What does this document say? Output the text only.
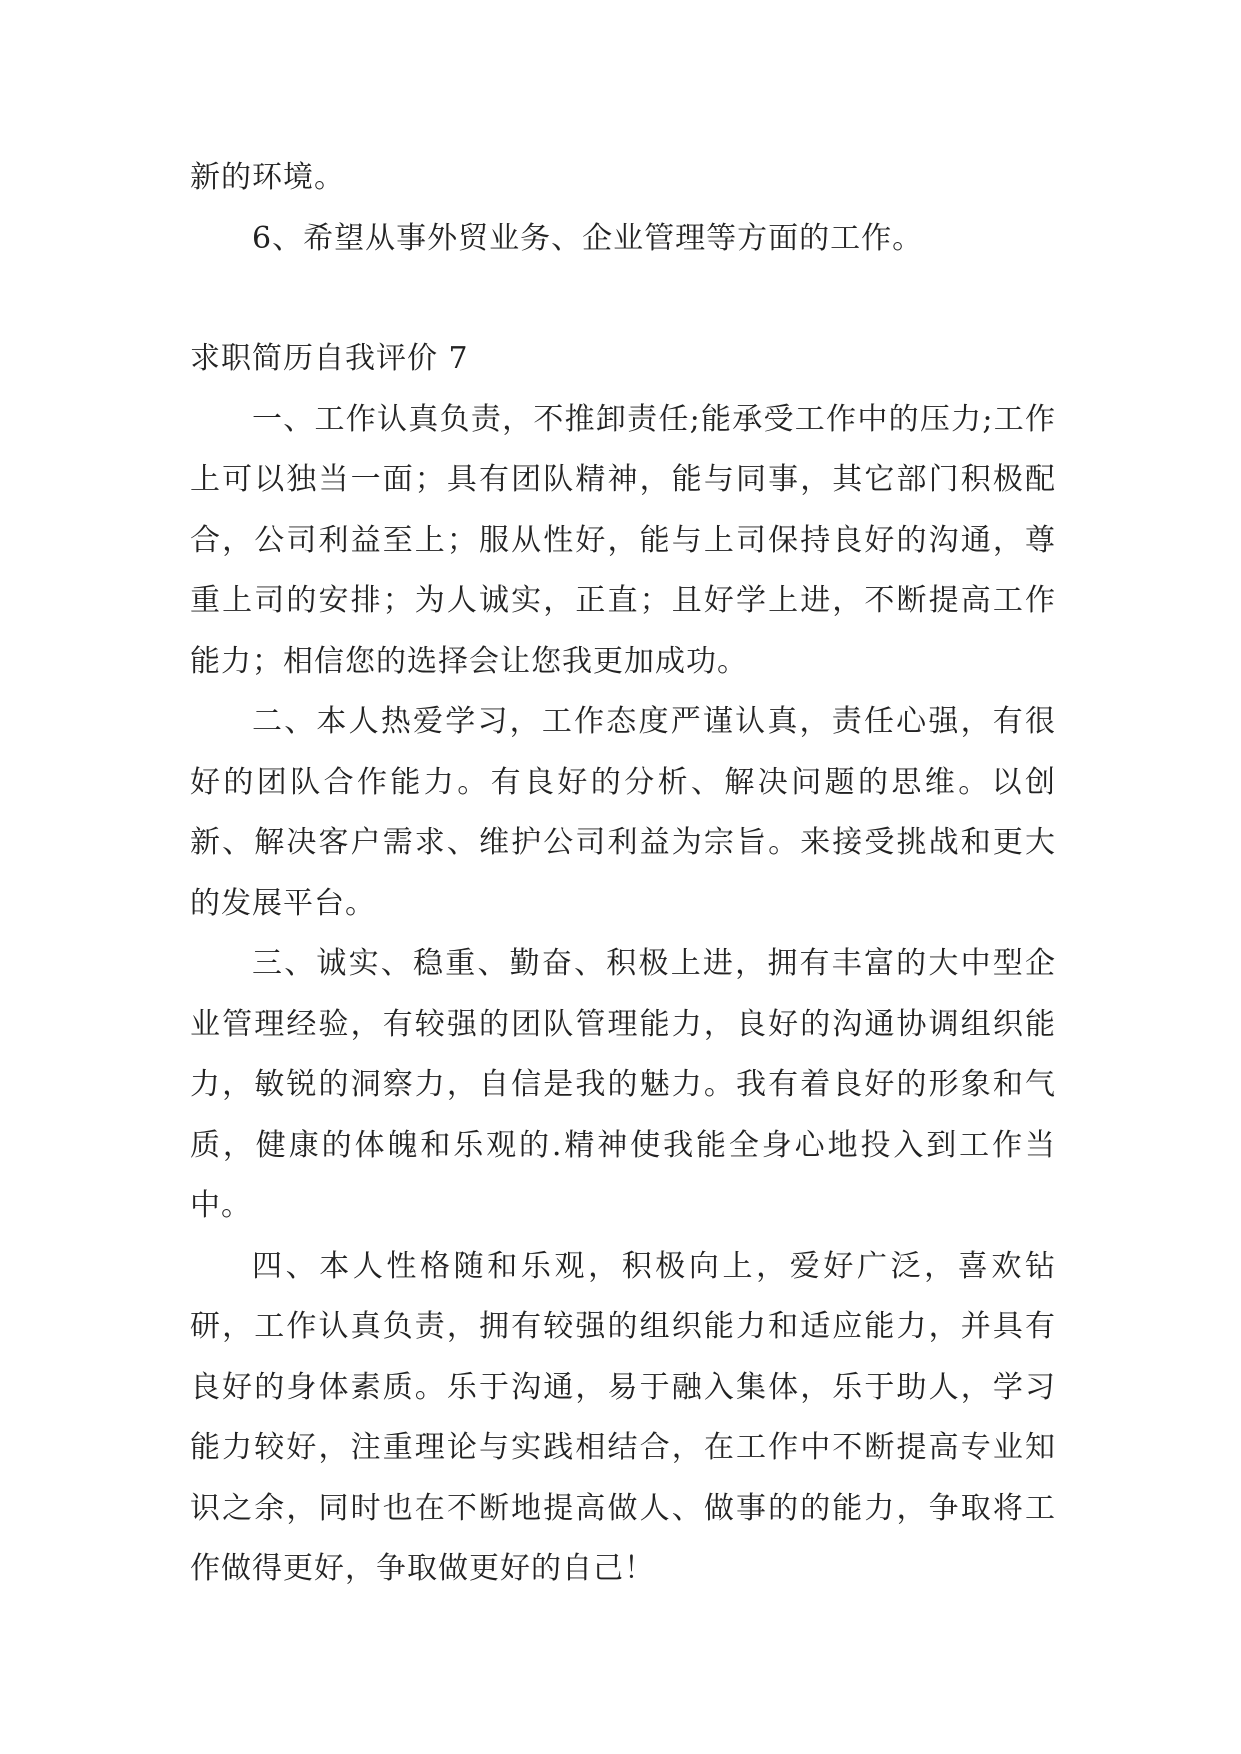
新的环境。

6、希望从事外贸业务、企业管理等方面的工作。

求职简历自我评价 7

一、工作认真负责，不推卸责任;能承受工作中的压力;工作上可以独当一面；具有团队精神，能与同事，其它部门积极配合，公司利益至上；服从性好，能与上司保持良好的沟通，尊重上司的安排；为人诚实，正直；且好学上进，不断提高工作能力；相信您的选择会让您我更加成功。

二、本人热爱学习，工作态度严谨认真，责任心强，有很好的团队合作能力。有良好的分析、解决问题的思维。以创新、解决客户需求、维护公司利益为宗旨。来接受挑战和更大的发展平台。

三、诚实、稳重、勤奋、积极上进，拥有丰富的大中型企业管理经验，有较强的团队管理能力，良好的沟通协调组织能力，敏锐的洞察力，自信是我的魅力。我有着良好的形象和气质，健康的体魄和乐观的.精神使我能全身心地投入到工作当中。

四、本人性格随和乐观，积极向上，爱好广泛，喜欢钻研，工作认真负责，拥有较强的组织能力和适应能力，并具有良好的身体素质。乐于沟通，易于融入集体，乐于助人，学习能力较好，注重理论与实践相结合，在工作中不断提高专业知识之余，同时也在不断地提高做人、做事的的能力，争取将工作做得更好，争取做更好的自己！
